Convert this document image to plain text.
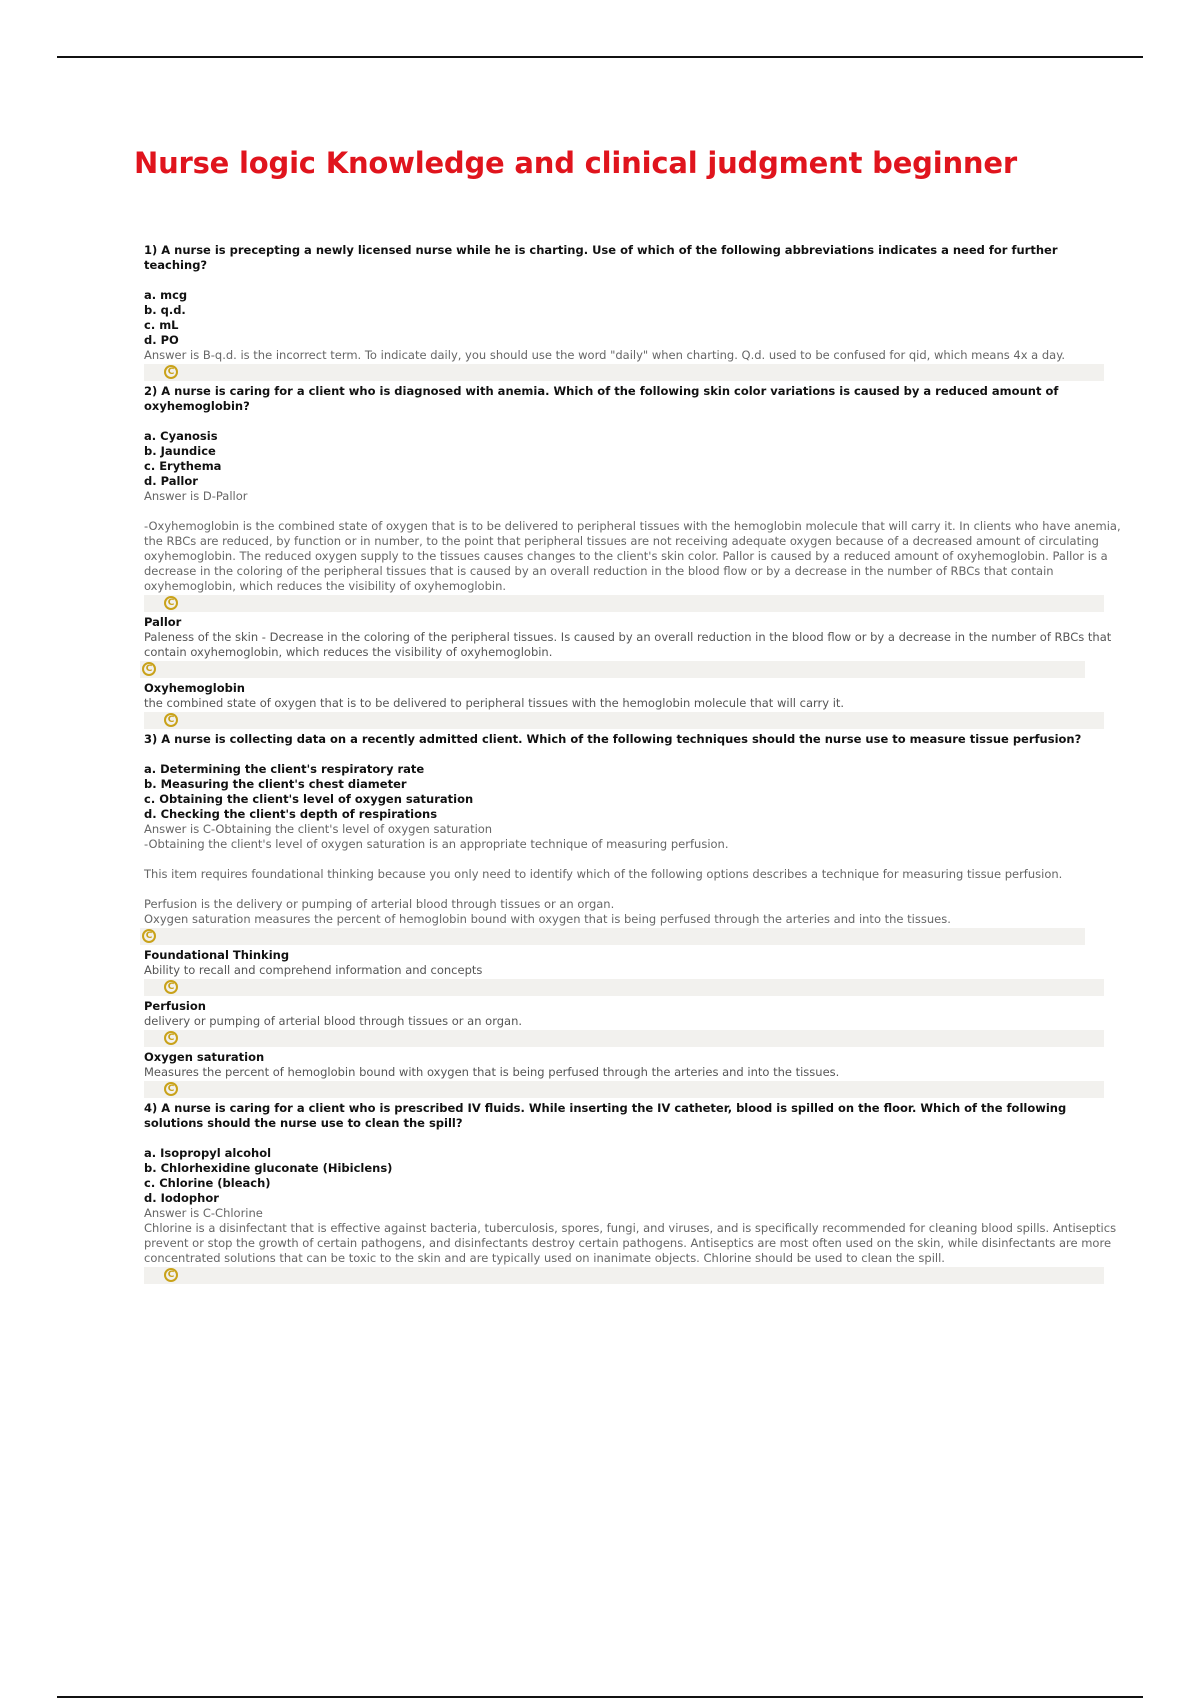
Nurse logic Knowledge and clinical judgment beginner
1) A nurse is precepting a newly licensed nurse while he is charting. Use of which of the following abbreviations indicates a need for further teaching?
a. mcg
b. q.d.
c. mL
d. PO
Answer is B-q.d. is the incorrect term. To indicate daily, you should use the word "daily" when charting. Q.d. used to be confused for qid, which means 4x a day.
C
2) A nurse is caring for a client who is diagnosed with anemia. Which of the following skin color variations is caused by a reduced amount of oxyhemoglobin?
a. Cyanosis
b. Jaundice
c. Erythema
d. Pallor
Answer is D-Pallor
-Oxyhemoglobin is the combined state of oxygen that is to be delivered to peripheral tissues with the hemoglobin molecule that will carry it. In clients who have anemia, the RBCs are reduced, by function or in number, to the point that peripheral tissues are not receiving adequate oxygen because of a decreased amount of circulating oxyhemoglobin. The reduced oxygen supply to the tissues causes changes to the client's skin color. Pallor is caused by a reduced amount of oxyhemoglobin. Pallor is a decrease in the coloring of the peripheral tissues that is caused by an overall reduction in the blood flow or by a decrease in the number of RBCs that contain oxyhemoglobin, which reduces the visibility of oxyhemoglobin.
C
Pallor
Paleness of the skin - Decrease in the coloring of the peripheral tissues. Is caused by an overall reduction in the blood flow or by a decrease in the number of RBCs that contain oxyhemoglobin, which reduces the visibility of oxyhemoglobin.
C
Oxyhemoglobin
the combined state of oxygen that is to be delivered to peripheral tissues with the hemoglobin molecule that will carry it.
C
3) A nurse is collecting data on a recently admitted client. Which of the following techniques should the nurse use to measure tissue perfusion?
a. Determining the client's respiratory rate
b. Measuring the client's chest diameter
c. Obtaining the client's level of oxygen saturation
d. Checking the client's depth of respirations
Answer is C-Obtaining the client's level of oxygen saturation
-Obtaining the client's level of oxygen saturation is an appropriate technique of measuring perfusion.
This item requires foundational thinking because you only need to identify which of the following options describes a technique for measuring tissue perfusion.
Perfusion is the delivery or pumping of arterial blood through tissues or an organ.
Oxygen saturation measures the percent of hemoglobin bound with oxygen that is being perfused through the arteries and into the tissues.
C
Foundational Thinking
Ability to recall and comprehend information and concepts
C
Perfusion
delivery or pumping of arterial blood through tissues or an organ.
C
Oxygen saturation
Measures the percent of hemoglobin bound with oxygen that is being perfused through the arteries and into the tissues.
C
4) A nurse is caring for a client who is prescribed IV fluids. While inserting the IV catheter, blood is spilled on the floor. Which of the following solutions should the nurse use to clean the spill?
a. Isopropyl alcohol
b. Chlorhexidine gluconate (Hibiclens)
c. Chlorine (bleach)
d. Iodophor
Answer is C-Chlorine
Chlorine is a disinfectant that is effective against bacteria, tuberculosis, spores, fungi, and viruses, and is specifically recommended for cleaning blood spills. Antiseptics prevent or stop the growth of certain pathogens, and disinfectants destroy certain pathogens. Antiseptics are most often used on the skin, while disinfectants are more concentrated solutions that can be toxic to the skin and are typically used on inanimate objects. Chlorine should be used to clean the spill.
C
